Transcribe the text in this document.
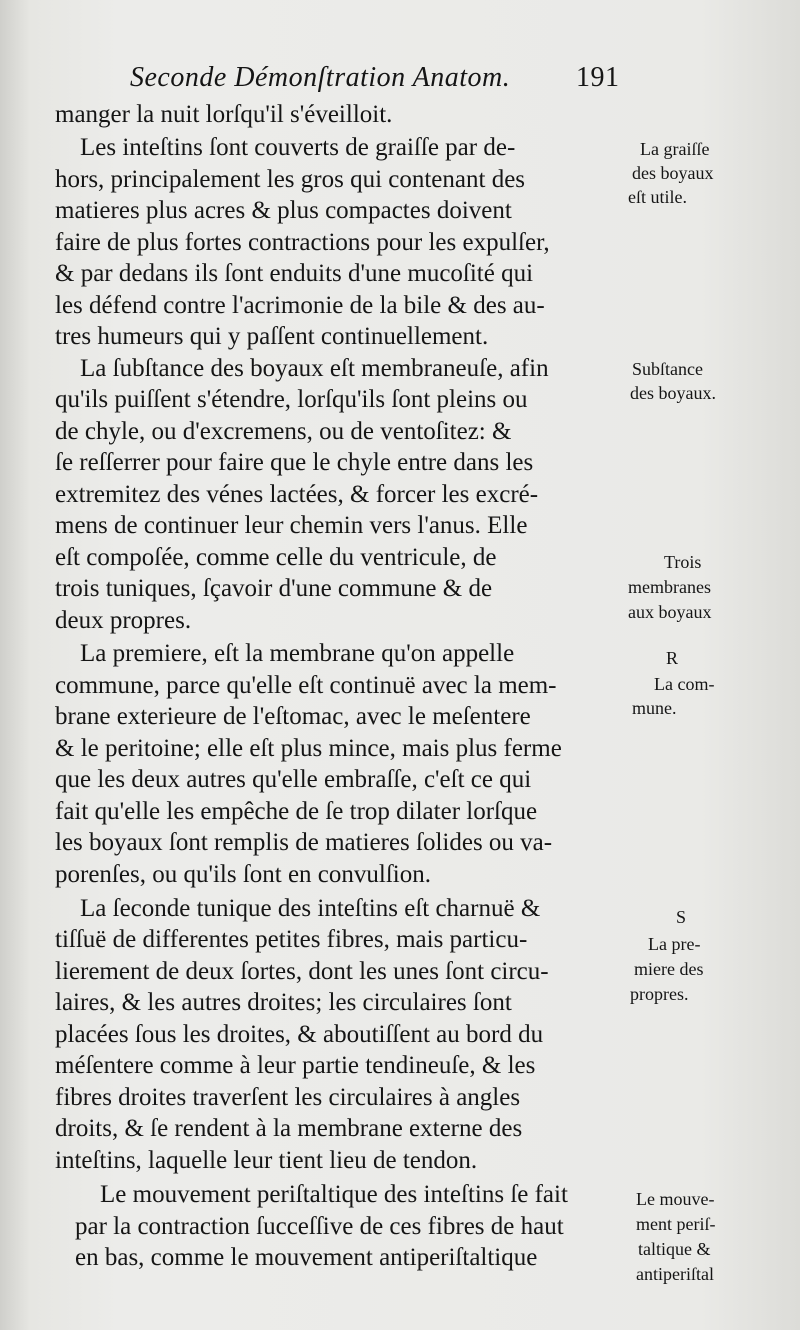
Seconde Démonſtration Anatom. 191
manger la nuit lorſqu'il s'éveilloit.
Les inteſtins ſont couverts de graiſſe par de-
hors, principalement les gros qui contenant des
matieres plus acres & plus compactes doivent
faire de plus fortes contractions pour les expulſer,
& par dedans ils ſont enduits d'une mucoſité qui
les défend contre l'acrimonie de la bile & des au-
tres humeurs qui y paſſent continuellement.
La ſubſtance des boyaux eſt membraneuſe, afin
qu'ils puiſſent s'étendre, lorſqu'ils ſont pleins ou
de chyle, ou d'excremens, ou de ventoſitez: &
ſe reſſerrer pour faire que le chyle entre dans les
extremitez des vénes lactées, & forcer les excré-
mens de continuer leur chemin vers l'anus. Elle
eſt compoſée, comme celle du ventricule, de
trois tuniques, ſçavoir d'une commune & de
deux propres.
La premiere, eſt la membrane qu'on appelle
commune, parce qu'elle eſt continuë avec la mem-
brane exterieure de l'eſtomac, avec le meſentere
& le peritoine; elle eſt plus mince, mais plus ferme
que les deux autres qu'elle embraſſe, c'eſt ce qui
fait qu'elle les empêche de ſe trop dilater lorſque
les boyaux ſont remplis de matieres ſolides ou va-
porenſes, ou qu'ils ſont en convulſion.
La ſeconde tunique des inteſtins eſt charnuë &
tiſſuë de differentes petites fibres, mais particu-
lierement de deux ſortes, dont les unes ſont circu-
laires, & les autres droites; les circulaires ſont
placées ſous les droites, & aboutiſſent au bord du
méſentere comme à leur partie tendineuſe, & les
fibres droites traverſent les circulaires à angles
droits, & ſe rendent à la membrane externe des
inteſtins, laquelle leur tient lieu de tendon.
Le mouvement periſtaltique des inteſtins ſe fait
par la contraction ſucceſſive de ces fibres de haut
en bas, comme le mouvement antiperiſtaltique
La graiſſe
des boyaux
eſt utile.
Subſtance
des boyaux.
Trois
membranes
aux boyaux
R
La com-
mune.
S
La pre-
miere des
propres.
Le mouve-
ment periſ-
taltique &
antiperiſtal
